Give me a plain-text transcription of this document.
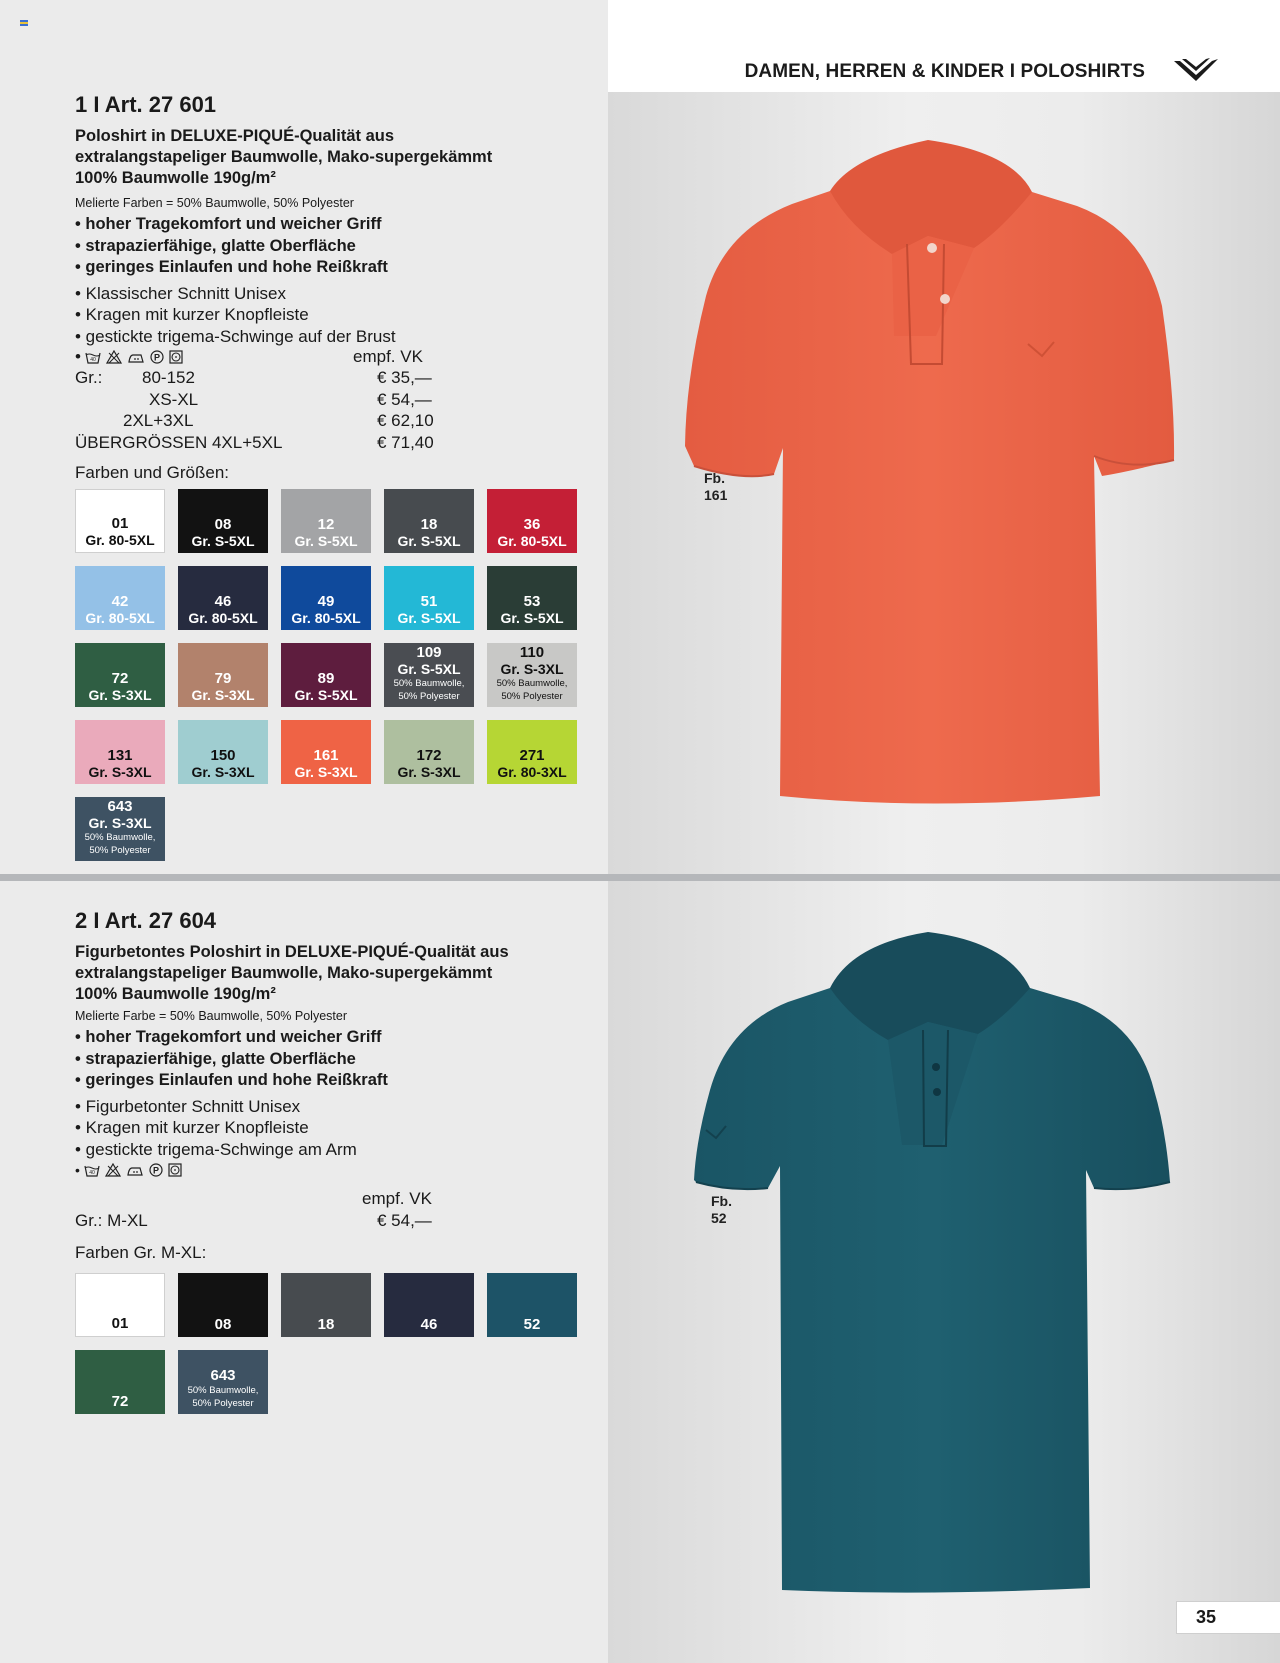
DAMEN, HERREN & KINDER I POLOSHIRTS
1 I Art. 27 601
Poloshirt in DELUXE-PIQUÉ-Qualität aus
extralangstapeliger Baumwolle, Mako-supergekämmt
100% Baumwolle 190g/m²
Melierte Farben = 50% Baumwolle, 50% Polyester
• hoher Tragekomfort und weicher Griff
• strapazierfähige, glatte Oberfläche
• geringes Einlaufen und hohe Reißkraft
• Klassischer Schnitt Unisex
• Kragen mit kurzer Knopfleiste
• gestickte trigema-Schwinge auf der Brust
• 40	P	empf. VK
Gr.: 80-152	€ 35,—
XS-XL	€ 54,—
2XL+3XL	€ 62,10
ÜBERGRÖSSEN 4XL+5XL	€ 71,40
Farben und Größen:
01
Gr. 80-5XL
08
Gr. S-5XL
12
Gr. S-5XL
18
Gr. S-5XL
36
Gr. 80-5XL
42
Gr. 80-5XL
46
Gr. 80-5XL
49
Gr. 80-5XL
51
Gr. S-5XL
53
Gr. S-5XL
72
Gr. S-3XL
79
Gr. S-3XL
89
Gr. S-5XL
109
Gr. S-5XL
50% Baumwolle,
50% Polyester
110
Gr. S-3XL
50% Baumwolle,
50% Polyester
131
Gr. S-3XL
150
Gr. S-3XL
161
Gr. S-3XL
172
Gr. S-3XL
271
Gr. 80-3XL
643
Gr. S-3XL
50% Baumwolle,
50% Polyester
Fb.
161
2 I Art. 27 604
Figurbetontes Poloshirt in DELUXE-PIQUÉ-Qualität aus
extralangstapeliger Baumwolle, Mako-supergekämmt
100% Baumwolle 190g/m²
Melierte Farbe = 50% Baumwolle, 50% Polyester
• hoher Tragekomfort und weicher Griff
• strapazierfähige, glatte Oberfläche
• geringes Einlaufen und hohe Reißkraft
• Figurbetonter Schnitt Unisex
• Kragen mit kurzer Knopfleiste
• gestickte trigema-Schwinge am Arm
• 40	P
empf. VK
Gr.: M-XL	€ 54,—
Farben Gr. M-XL:
01	08	18	46	52
72
643
50% Baumwolle,
50% Polyester
Fb.
52
35
